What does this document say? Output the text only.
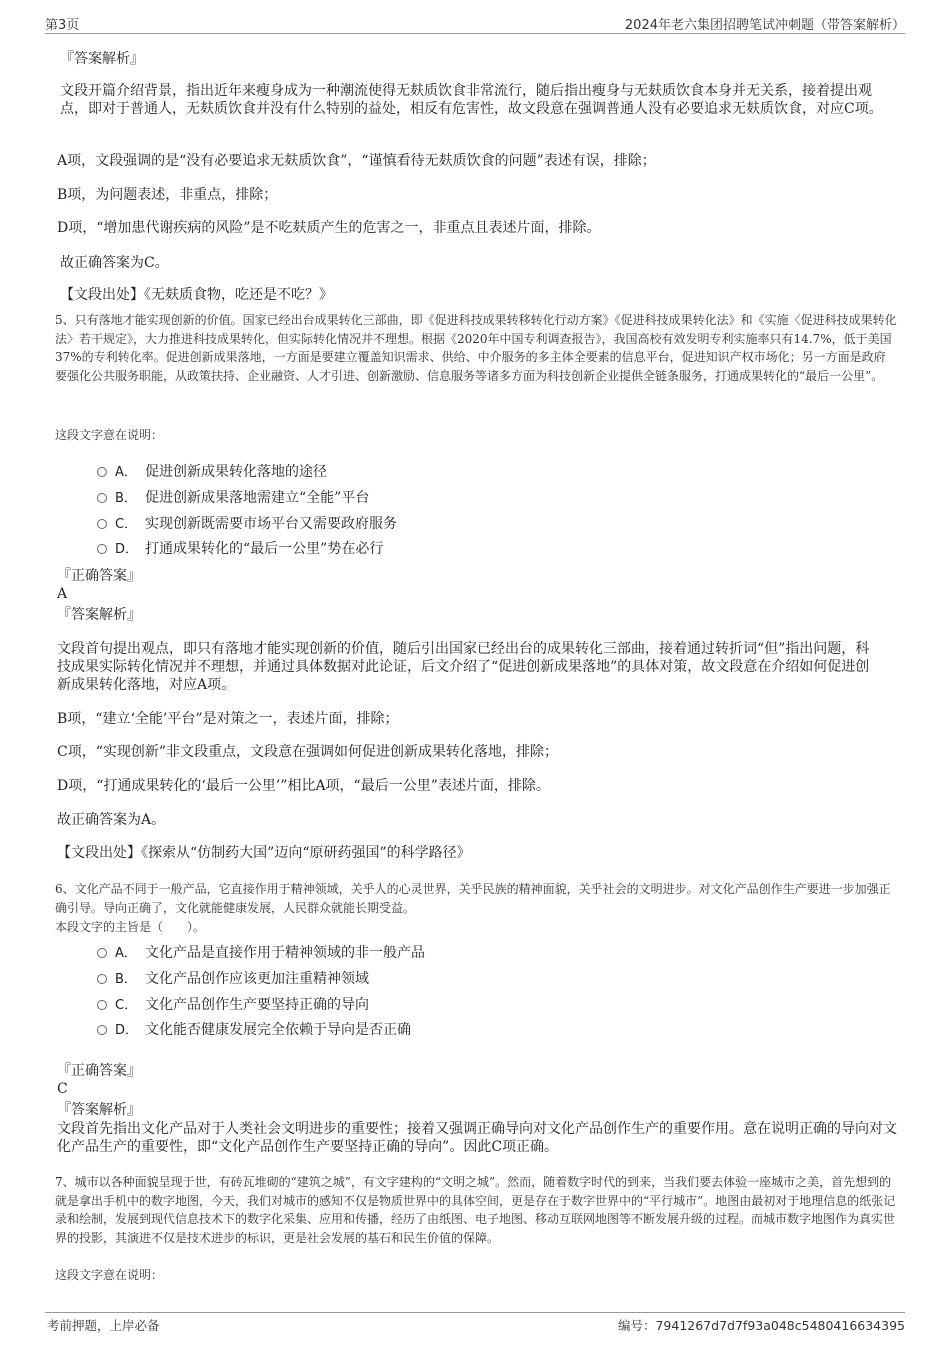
第3页	2024年老六集团招聘笔试冲刺题（带答案解析）
『答案解析』
文段开篇介绍背景，指出近年来瘦身成为一种潮流使得无麸质饮食非常流行，随后指出瘦身与无麸质饮食本身并无关系，接着提出观点，即对于普通人，无麸质饮食并没有什么特别的益处，相反有危害性，故文段意在强调普通人没有必要追求无麸质饮食，对应C项。
A项，文段强调的是“没有必要追求无麸质饮食”，“谨慎看待无麸质饮食的问题”表述有误，排除；
B项，为问题表述，非重点，排除；
D项，“增加患代谢疾病的风险”是不吃麸质产生的危害之一，非重点且表述片面，排除。
故正确答案为C。
【文段出处】《无麸质食物，吃还是不吃？》
5、只有落地才能实现创新的价值。国家已经出台成果转化三部曲，即《促进科技成果转移转化行动方案》《促进科技成果转化法》和《实施〈促进科技成果转化法〉若干规定》，大力推进科技成果转化，但实际转化情况并不理想。根据《2020年中国专利调查报告》，我国高校有效发明专利实施率只有14.7%，低于美国37%的专利转化率。促进创新成果落地，一方面是要建立覆盖知识需求、供给、中介服务的多主体全要素的信息平台，促进知识产权市场化；另一方面是政府要强化公共服务职能，从政策扶持、企业融资、人才引进、创新激励、信息服务等诸多方面为科技创新企业提供全链条服务，打通成果转化的“最后一公里”。
这段文字意在说明：
A． 促进创新成果转化落地的途径
B． 促进创新成果落地需建立“全能”平台
C． 实现创新既需要市场平台又需要政府服务
D． 打通成果转化的“最后一公里”势在必行
『正确答案』
A
『答案解析』
文段首句提出观点，即只有落地才能实现创新的价值，随后引出国家已经出台的成果转化三部曲，接着通过转折词“但”指出问题，科技成果实际转化情况并不理想，并通过具体数据对此论证，后文介绍了“促进创新成果落地”的具体对策，故文段意在介绍如何促进创新成果转化落地，对应A项。
B项，“建立‘全能’平台”是对策之一，表述片面，排除；
C项，“实现创新”非文段重点，文段意在强调如何促进创新成果转化落地，排除；
D项，“打通成果转化的‘最后一公里’”相比A项，“最后一公里”表述片面，排除。
故正确答案为A。
【文段出处】《探索从“仿制药大国”迈向“原研药强国”的科学路径》
6、文化产品不同于一般产品，它直接作用于精神领域，关乎人的心灵世界，关乎民族的精神面貌，关乎社会的文明进步。对文化产品创作生产要进一步加强正确引导。导向正确了，文化就能健康发展，人民群众就能长期受益。
本段文字的主旨是（　　）。
A． 文化产品是直接作用于精神领域的非一般产品
B． 文化产品创作应该更加注重精神领域
C． 文化产品创作生产要坚持正确的导向
D． 文化能否健康发展完全依赖于导向是否正确
『正确答案』
C
『答案解析』
文段首先指出文化产品对于人类社会文明进步的重要性；接着又强调正确导向对文化产品创作生产的重要作用。意在说明正确的导向对文化产品生产的重要性，即“文化产品创作生产要坚持正确的导向”。因此C项正确。
7、城市以各种面貌呈现于世，有砖瓦堆砌的“建筑之城”，有文字建构的“文明之城”。然而，随着数字时代的到来，当我们要去体验一座城市之美，首先想到的就是拿出手机中的数字地图，今天，我们对城市的感知不仅是物质世界中的具体空间，更是存在于数字世界中的“平行城市”。地图由最初对于地理信息的纸张记录和绘制，发展到现代信息技术下的数字化采集、应用和传播，经历了由纸图、电子地图、移动互联网地图等不断发展升级的过程。而城市数字地图作为真实世界的投影，其演进不仅是技术进步的标识，更是社会发展的基石和民生价值的保障。
这段文字意在说明：
考前押题，上岸必备	编号：7941267d7d7f93a048c5480416634395
